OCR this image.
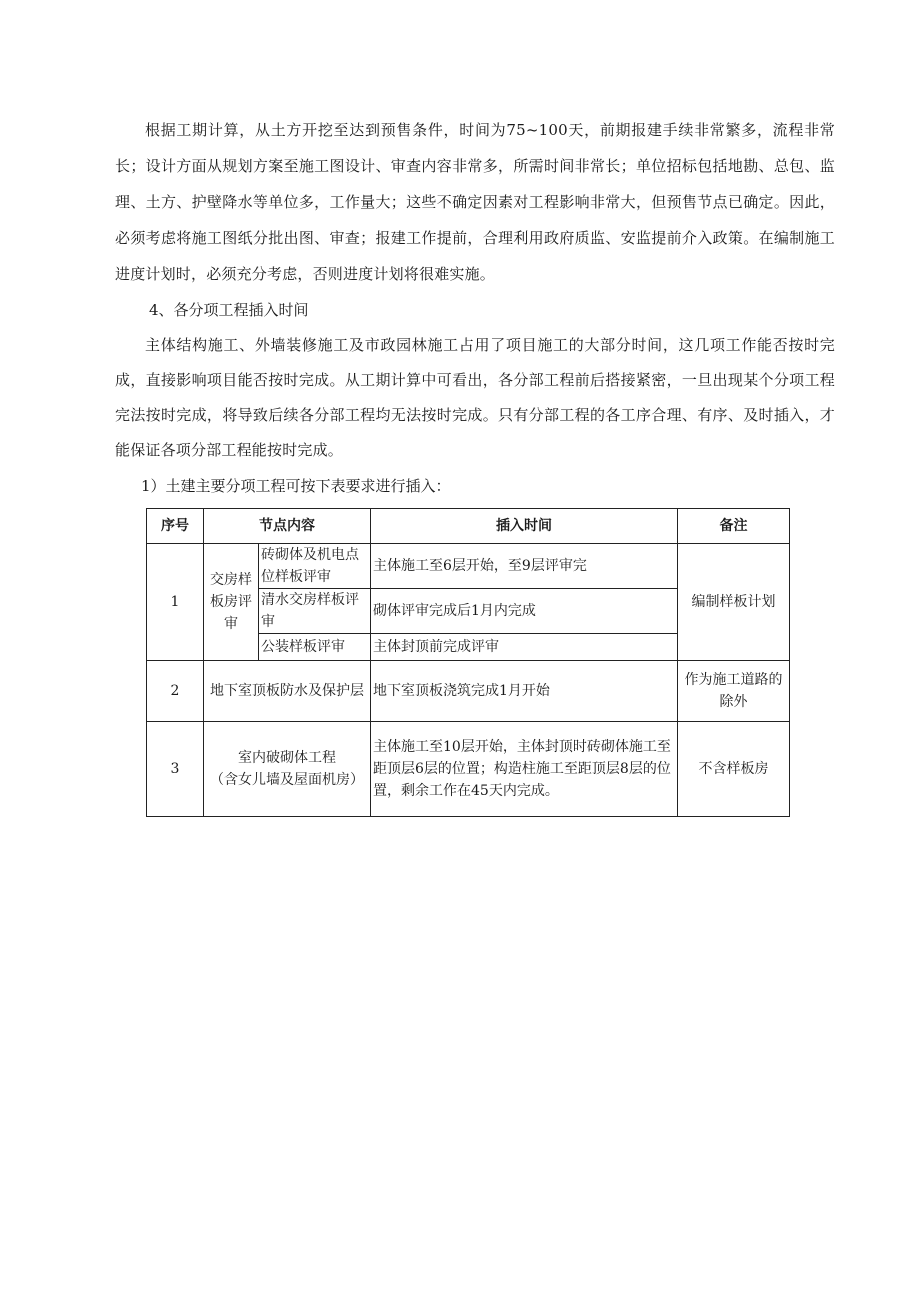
根据工期计算，从土方开挖至达到预售条件，时间为75~100天，前期报建手续非常繁多，流程非常长；设计方面从规划方案至施工图设计、审查内容非常多，所需时间非常长；单位招标包括地勘、总包、监理、土方、护壁降水等单位多，工作量大；这些不确定因素对工程影响非常大，但预售节点已确定。因此，必须考虑将施工图纸分批出图、审查；报建工作提前，合理利用政府质监、安监提前介入政策。在编制施工进度计划时，必须充分考虑，否则进度计划将很难实施。

4、各分项工程插入时间

主体结构施工、外墙装修施工及市政园林施工占用了项目施工的大部分时间，这几项工作能否按时完成，直接影响项目能否按时完成。从工期计算中可看出，各分部工程前后搭接紧密，一旦出现某个分项工程完法按时完成，将导致后续各分部工程均无法按时完成。只有分部工程的各工序合理、有序、及时插入，才能保证各项分部工程能按时完成。

1）土建主要分项工程可按下表要求进行插入：

序号	节点内容		插入时间	备注
1	交房样板房评审	砖砌体及机电点位样板评审	主体施工至6层开始，至9层评审完	编制样板计划
		清水交房样板评审	砌体评审完成后1月内完成	
		公装样板评审	主体封顶前完成评审	
2	地下室顶板防水及保护层		地下室顶板浇筑完成1月开始	作为施工道路的除外
3	室内破砌体工程
（含女儿墙及屋面机房）		主体施工至10层开始，主体封顶时砖砌体施工至距顶层6层的位置；构造柱施工至距顶层8层的位置，剩余工作在45天内完成。	不含样板房
